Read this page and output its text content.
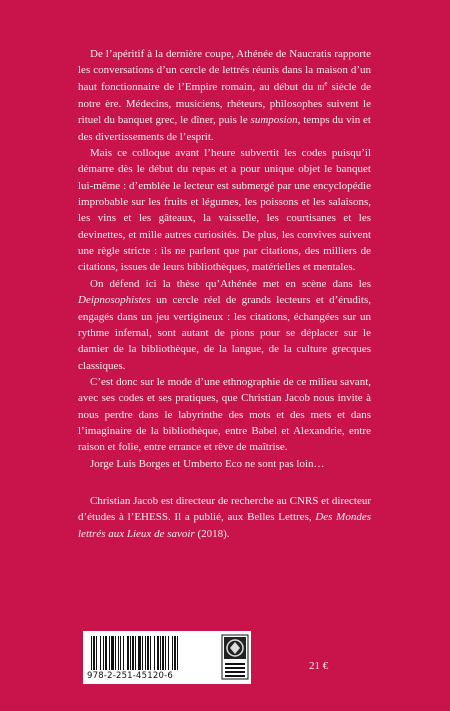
De l’apéritif à la dernière coupe, Athénée de Naucratis rapporte les conversations d’un cercle de lettrés réunis dans la maison d’un haut fonctionnaire de l’Empire romain, au début du iii$^e$ siècle de notre ère. Médecins, musiciens, rhéteurs, philosophes suivent le rituel du banquet grec, le dîner, puis le sumposion, temps du vin et des divertissements de l’esprit.

Mais ce colloque avant l’heure subvertit les codes puisqu’il démarre dès le début du repas et a pour unique objet le banquet lui-même : d’emblée le lecteur est submergé par une encyclopédie improbable sur les fruits et légumes, les poissons et les salaisons, les vins et les gâteaux, la vaisselle, les courtisanes et les devinettes, et mille autres curiosités. De plus, les convives suivent une règle stricte : ils ne parlent que par citations, des milliers de citations, issues de leurs bibliothèques, matérielles et mentales.

On défend ici la thèse qu’Athénée met en scène dans les Deipnosophistes un cercle réel de grands lecteurs et d’érudits, engagés dans un jeu vertigineux : les citations, échangées sur un rythme infernal, sont autant de pions pour se déplacer sur le damier de la bibliothèque, de la langue, de la culture grecques classiques.

C’est donc sur le mode d’une ethnographie de ce milieu savant, avec ses codes et ses pratiques, que Christian Jacob nous invite à nous perdre dans le labyrinthe des mots et des mets et dans l’imaginaire de la bibliothèque, entre Babel et Alexandrie, entre raison et folie, entre errance et rêve de maîtrise.

Jorge Luis Borges et Umberto Eco ne sont pas loin…

Christian Jacob est directeur de recherche au CNRS et directeur d’études à l’EHESS. Il a publié, aux Belles Lettres, Des Mondes lettrés aux Lieux de savoir (2018).

978-2-251-45120-6
21 €
